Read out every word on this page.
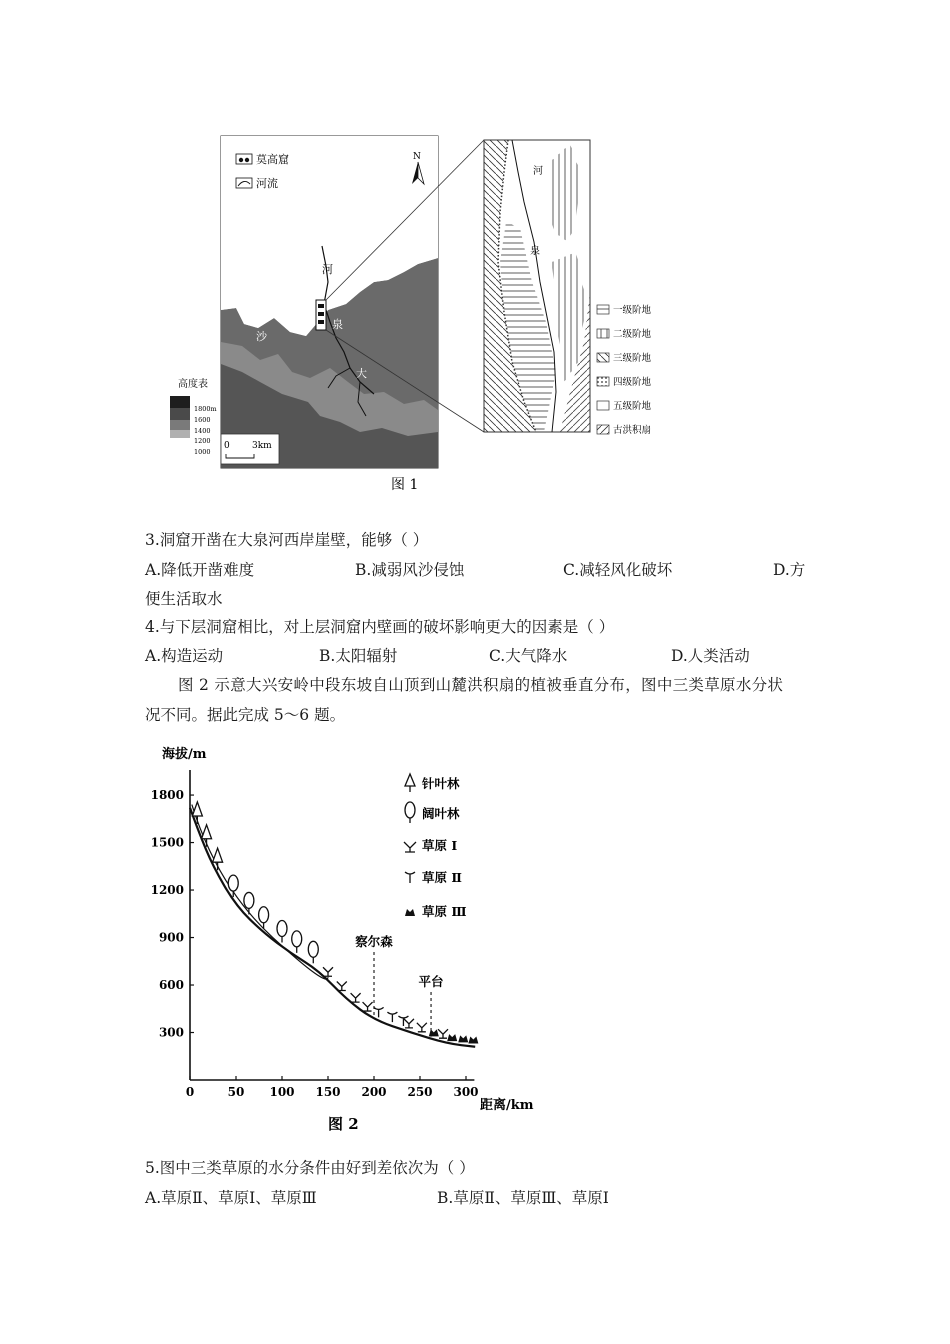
河
泉
大
沙
莫高窟
河流
N
高度表
1800m
1600
1400
1200
1000
0 3km
河
泉
一级阶地
二级阶地
三级阶地
四级阶地
五级阶地
古洪积扇
图 1
3.洞窟开凿在大泉河西岸崖壁，能够（ ）
A.降低开凿难度	B.减弱风沙侵蚀	C.减轻风化破坏	D.方
便生活取水
4.与下层洞窟相比，对上层洞窟内壁画的破坏影响更大的因素是（ ）
A.构造运动	B.太阳辐射	C.大气降水	D.人类活动
图 2 示意大兴安岭中段东坡自山顶到山麓洪积扇的植被垂直分布，图中三类草原水分状
况不同。据此完成 5～6 题。
海拔/m
距离/km
0	50 100 150 200 250 300
300
600
900
1200
1500
1800
察尔森
平台
针叶林
阔叶林
草原 Ⅰ
草原 Ⅱ
草原 Ⅲ
图 2
5.图中三类草原的水分条件由好到差依次为（ ）
A.草原Ⅱ、草原Ⅰ、草原Ⅲ	B.草原Ⅱ、草原Ⅲ、草原Ⅰ
